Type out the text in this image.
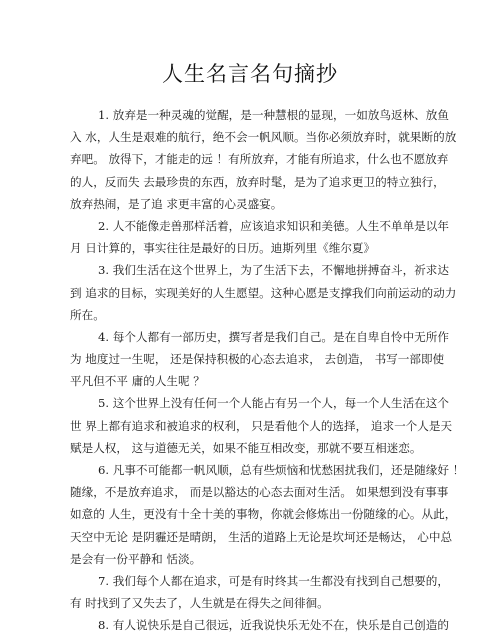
人生名言名句摘抄
1. 放弃是一种灵魂的觉醒，是一种慧根的显现，一如放鸟返林、放鱼
入 水，人生是艰难的航行，绝不会一帆风顺。当你必须放弃时，就果断的放
弃吧。 放得下，才能走的远 ！有所放弃，才能有所追求，什么也不愿放弃
的人，反而失 去最珍贵的东西，放弃时髦，是为了追求更卫的特立独行，
放弃热闹，是了追 求更丰富的心灵盛宴。
2. 人不能像走兽那样活着，应该追求知识和美德。人生不单单是以年
月 日计算的，事实往往是最好的日历。迪斯列里《维尔夏》
3. 我们生活在这个世界上，为了生活下去，不懈地拼搏奋斗，祈求达
到 追求的目标，实现美好的人生愿望。这种心愿是支撑我们向前运动的动力
所在。
4. 每个人都有一部历史，撰写者是我们自己。是在自卑自怜中无所作
为 地度过一生呢， 还是保持积极的心态去追求， 去创造， 书写一部即使
平凡但不平 庸的人生呢 ？
5. 这个世界上没有任何一个人能占有另一个人，每一个人生活在这个
世 界上都有追求和被追求的权利， 只是看他个人的选择， 追求一个人是天
赋是人权， 这与道德无关，如果不能互相改变，那就不要互相迷恋。
6. 凡事不可能都一帆风顺，总有些烦恼和忧愁困扰我们，还是随缘好 ！
随缘，不是放弃追求， 而是以豁达的心态去面对生活。 如果想到没有事事
如意的 人生，更没有十全十美的事物，你就会修炼出一份随缘的心。从此，
天空中无论 是阴霾还是晴朗， 生活的道路上无论是坎坷还是畅达， 心中总
是会有一份平静和 恬淡。
7. 我们每个人都在追求，可是有时终其一生都没有找到自己想要的，
有 时找到了又失去了，人生就是在得失之间徘徊。
8. 有人说快乐是自己很远，近我说快乐无处不在，快乐是自己创造的
